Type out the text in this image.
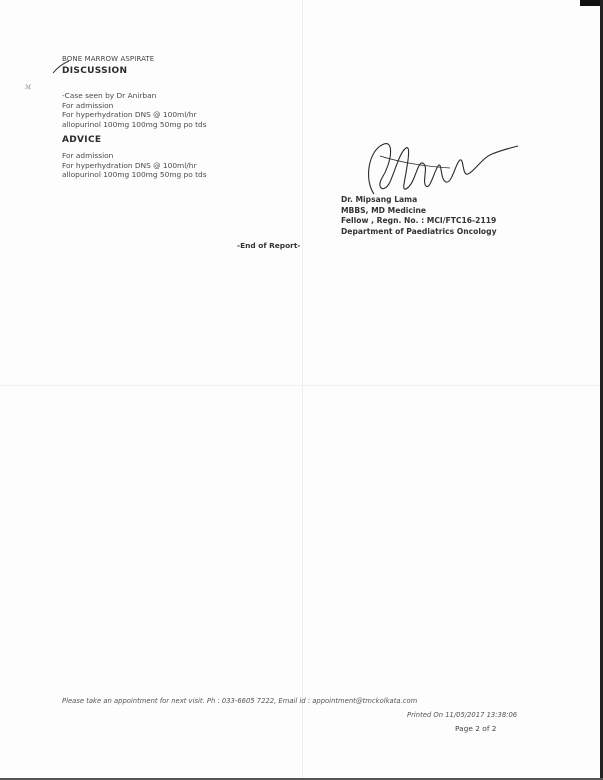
ℳ
BONE MARROW ASPIRATE
DISCUSSION
-Case seen by Dr Anirban
For admission
For hyperhydration DNS @ 100ml/hr
allopurinol 100mg 100mg 50mg po tds
ADVICE
For admission
For hyperhydration DNS @ 100ml/hr
allopurinol 100mg 100mg 50mg po tds
Dr. Mipsang Lama
MBBS, MD Medicine
Fellow , Regn. No. : MCI/FTC16-2119
Department of Paediatrics Oncology
-End of Report-
Please take an appointment for next visit. Ph : 033-6605 7222, Email id : appointment@tmckolkata.com
Printed On 11/05/2017 13:38:06
Page 2 of 2
